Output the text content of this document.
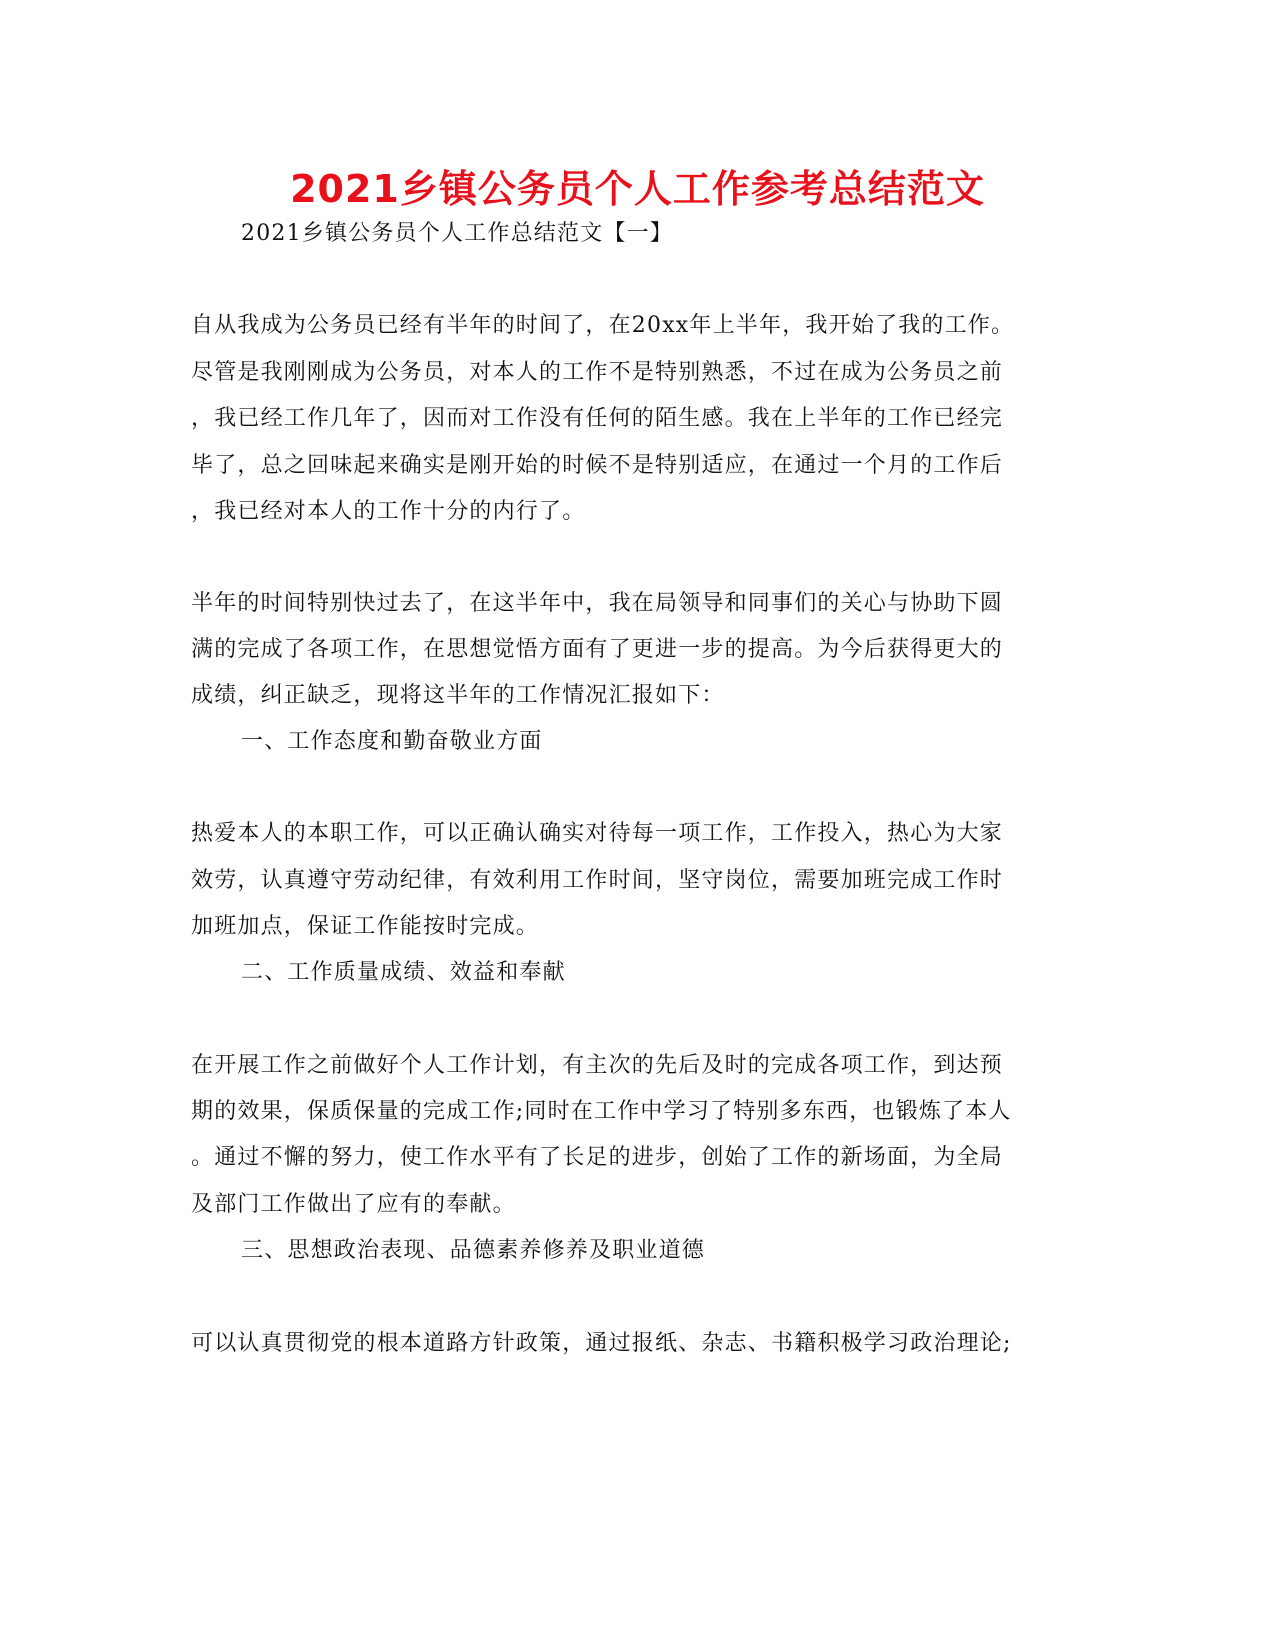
2021乡镇公务员个人工作参考总结范文
2021乡镇公务员个人工作总结范文【一】
自从我成为公务员已经有半年的时间了，在20xx年上半年，我开始了我的工作。
尽管是我刚刚成为公务员，对本人的工作不是特别熟悉，不过在成为公务员之前
，我已经工作几年了，因而对工作没有任何的陌生感。我在上半年的工作已经完
毕了，总之回味起来确实是刚开始的时候不是特别适应，在通过一个月的工作后
，我已经对本人的工作十分的内行了。
半年的时间特别快过去了，在这半年中，我在局领导和同事们的关心与协助下圆
满的完成了各项工作，在思想觉悟方面有了更进一步的提高。为今后获得更大的
成绩，纠正缺乏，现将这半年的工作情况汇报如下：
一、工作态度和勤奋敬业方面
热爱本人的本职工作，可以正确认确实对待每一项工作，工作投入，热心为大家
效劳，认真遵守劳动纪律，有效利用工作时间，坚守岗位，需要加班完成工作时
加班加点，保证工作能按时完成。
二、工作质量成绩、效益和奉献
在开展工作之前做好个人工作计划，有主次的先后及时的完成各项工作，到达预
期的效果，保质保量的完成工作;同时在工作中学习了特别多东西，也锻炼了本人
。通过不懈的努力，使工作水平有了长足的进步，创始了工作的新场面，为全局
及部门工作做出了应有的奉献。
三、思想政治表现、品德素养修养及职业道德
可以认真贯彻党的根本道路方针政策，通过报纸、杂志、书籍积极学习政治理论;
